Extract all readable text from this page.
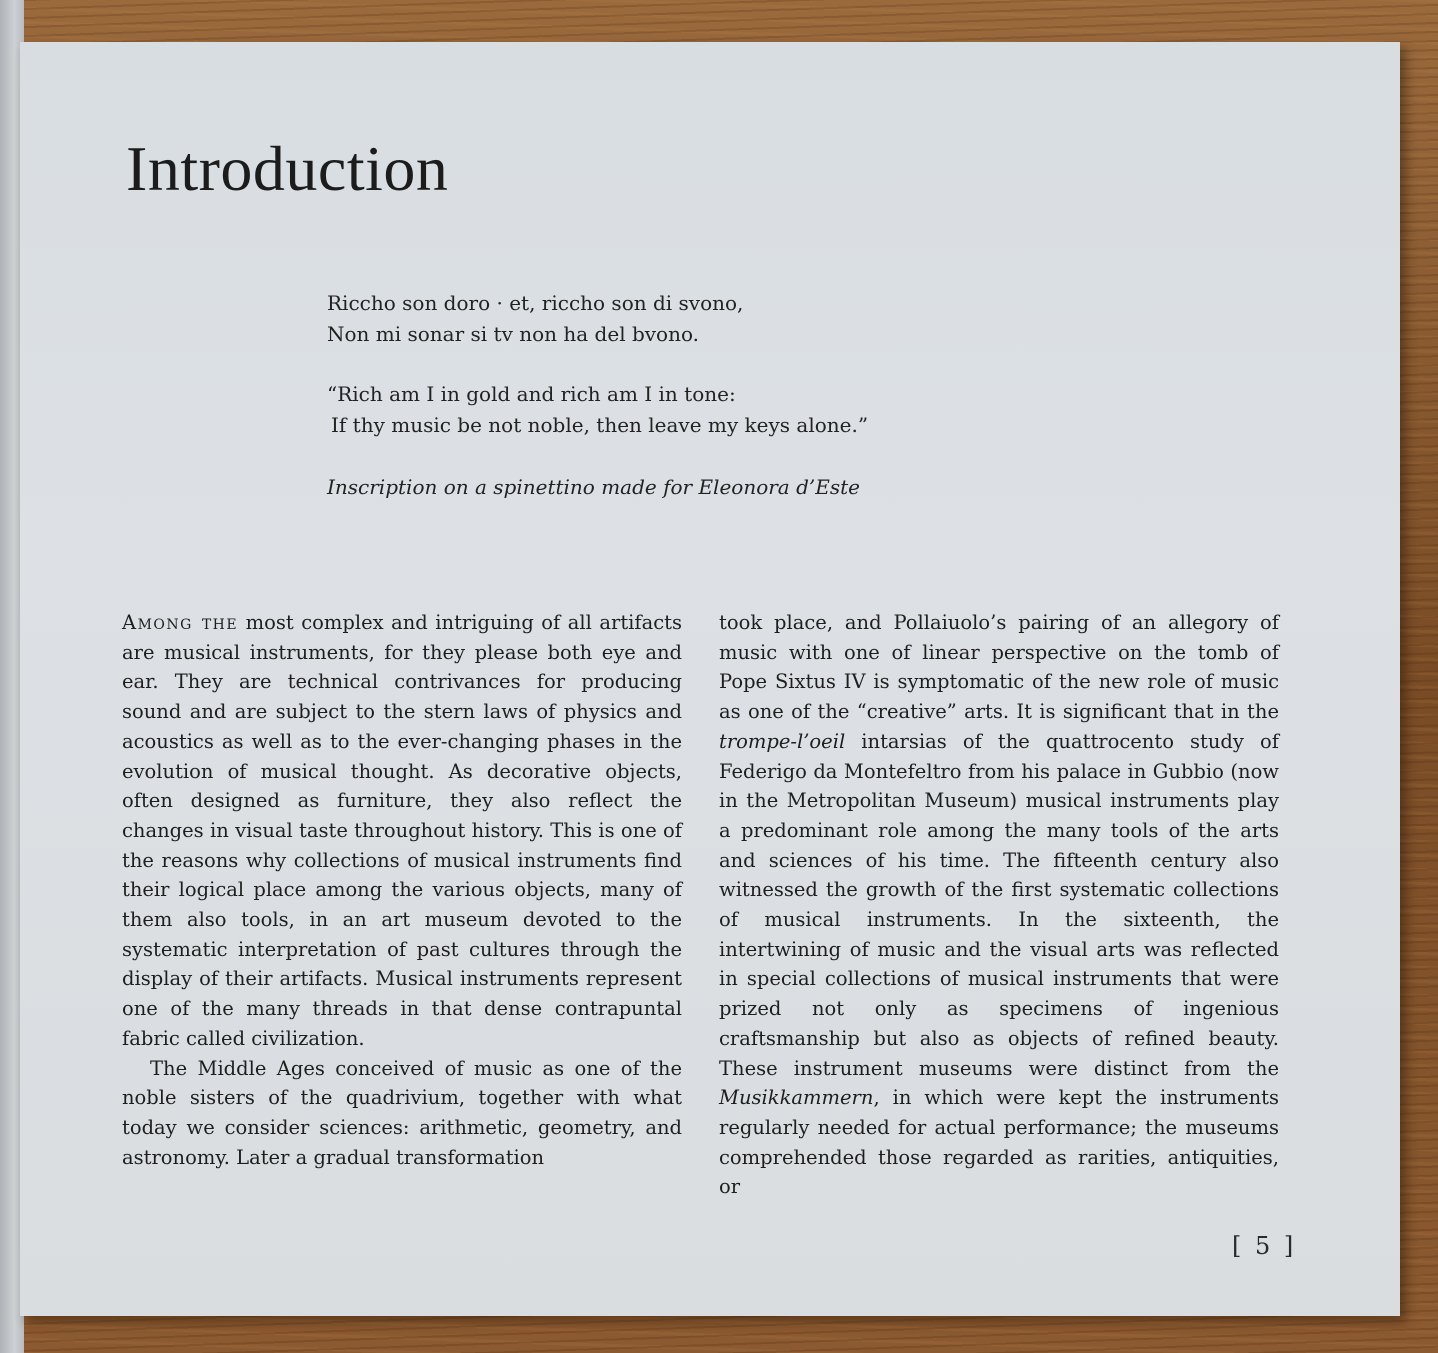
Introduction
Riccho son doro · et, riccho son di svono,
Non mi sonar si tv non ha del bvono.
“Rich am I in gold and rich am I in tone:
If thy music be not noble, then leave my keys alone.”
Inscription on a spinettino made for Eleonora d’Este

Among the most complex and intriguing of all artifacts are musical instruments, for they please both eye and ear. They are technical contrivances for producing sound and are subject to the stern laws of physics and acoustics as well as to the ever-changing phases in the evolution of musical thought. As decorative objects, often designed as furniture, they also reflect the changes in visual taste throughout history. This is one of the reasons why collections of musical instruments find their logical place among the various objects, many of them also tools, in an art museum devoted to the systematic interpretation of past cultures through the display of their artifacts. Musical instruments represent one of the many threads in that dense contrapuntal fabric called civilization.

The Middle Ages conceived of music as one of the noble sisters of the quadrivium, together with what today we consider sciences: arithmetic, geometry, and astronomy. Later a gradual transformation

took place, and Pollaiuolo’s pairing of an allegory of music with one of linear perspective on the tomb of Pope Sixtus IV is symptomatic of the new role of music as one of the “creative” arts. It is significant that in the trompe-l’oeil intarsias of the quattrocento study of Federigo da Montefeltro from his palace in Gubbio (now in the Metropolitan Museum) musical instruments play a predominant role among the many tools of the arts and sciences of his time. The fifteenth century also witnessed the growth of the first systematic collections of musical instruments. In the sixteenth, the intertwining of music and the visual arts was reflected in special collections of musical instruments that were prized not only as specimens of ingenious craftsmanship but also as objects of refined beauty. These instrument museums were distinct from the Musikkammern, in which were kept the instruments regularly needed for actual performance; the museums comprehended those regarded as rarities, antiquities, or

[ 5 ]
